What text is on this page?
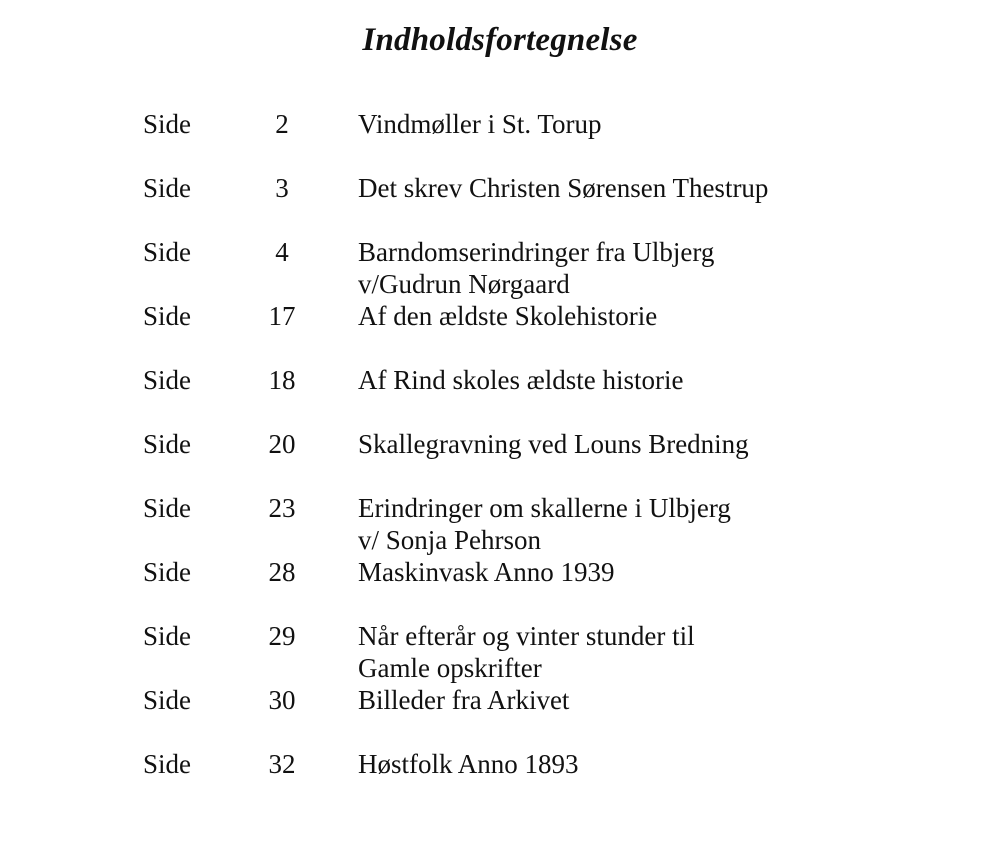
Indholdsfortegnelse
Side	2	Vindmøller i St. Torup
Side	3	Det skrev Christen Sørensen Thestrup
Side	4	Barndomserindringer fra Ulbjerg
v/Gudrun Nørgaard
Side	17	Af den ældste Skolehistorie
Side	18	Af Rind skoles ældste historie
Side	20	Skallegravning ved Louns Bredning
Side	23	Erindringer om skallerne i Ulbjerg
v/ Sonja Pehrson
Side	28	Maskinvask Anno 1939
Side	29	Når efterår og vinter stunder til
Gamle opskrifter
Side	30	Billeder fra Arkivet
Side	32	Høstfolk Anno 1893
